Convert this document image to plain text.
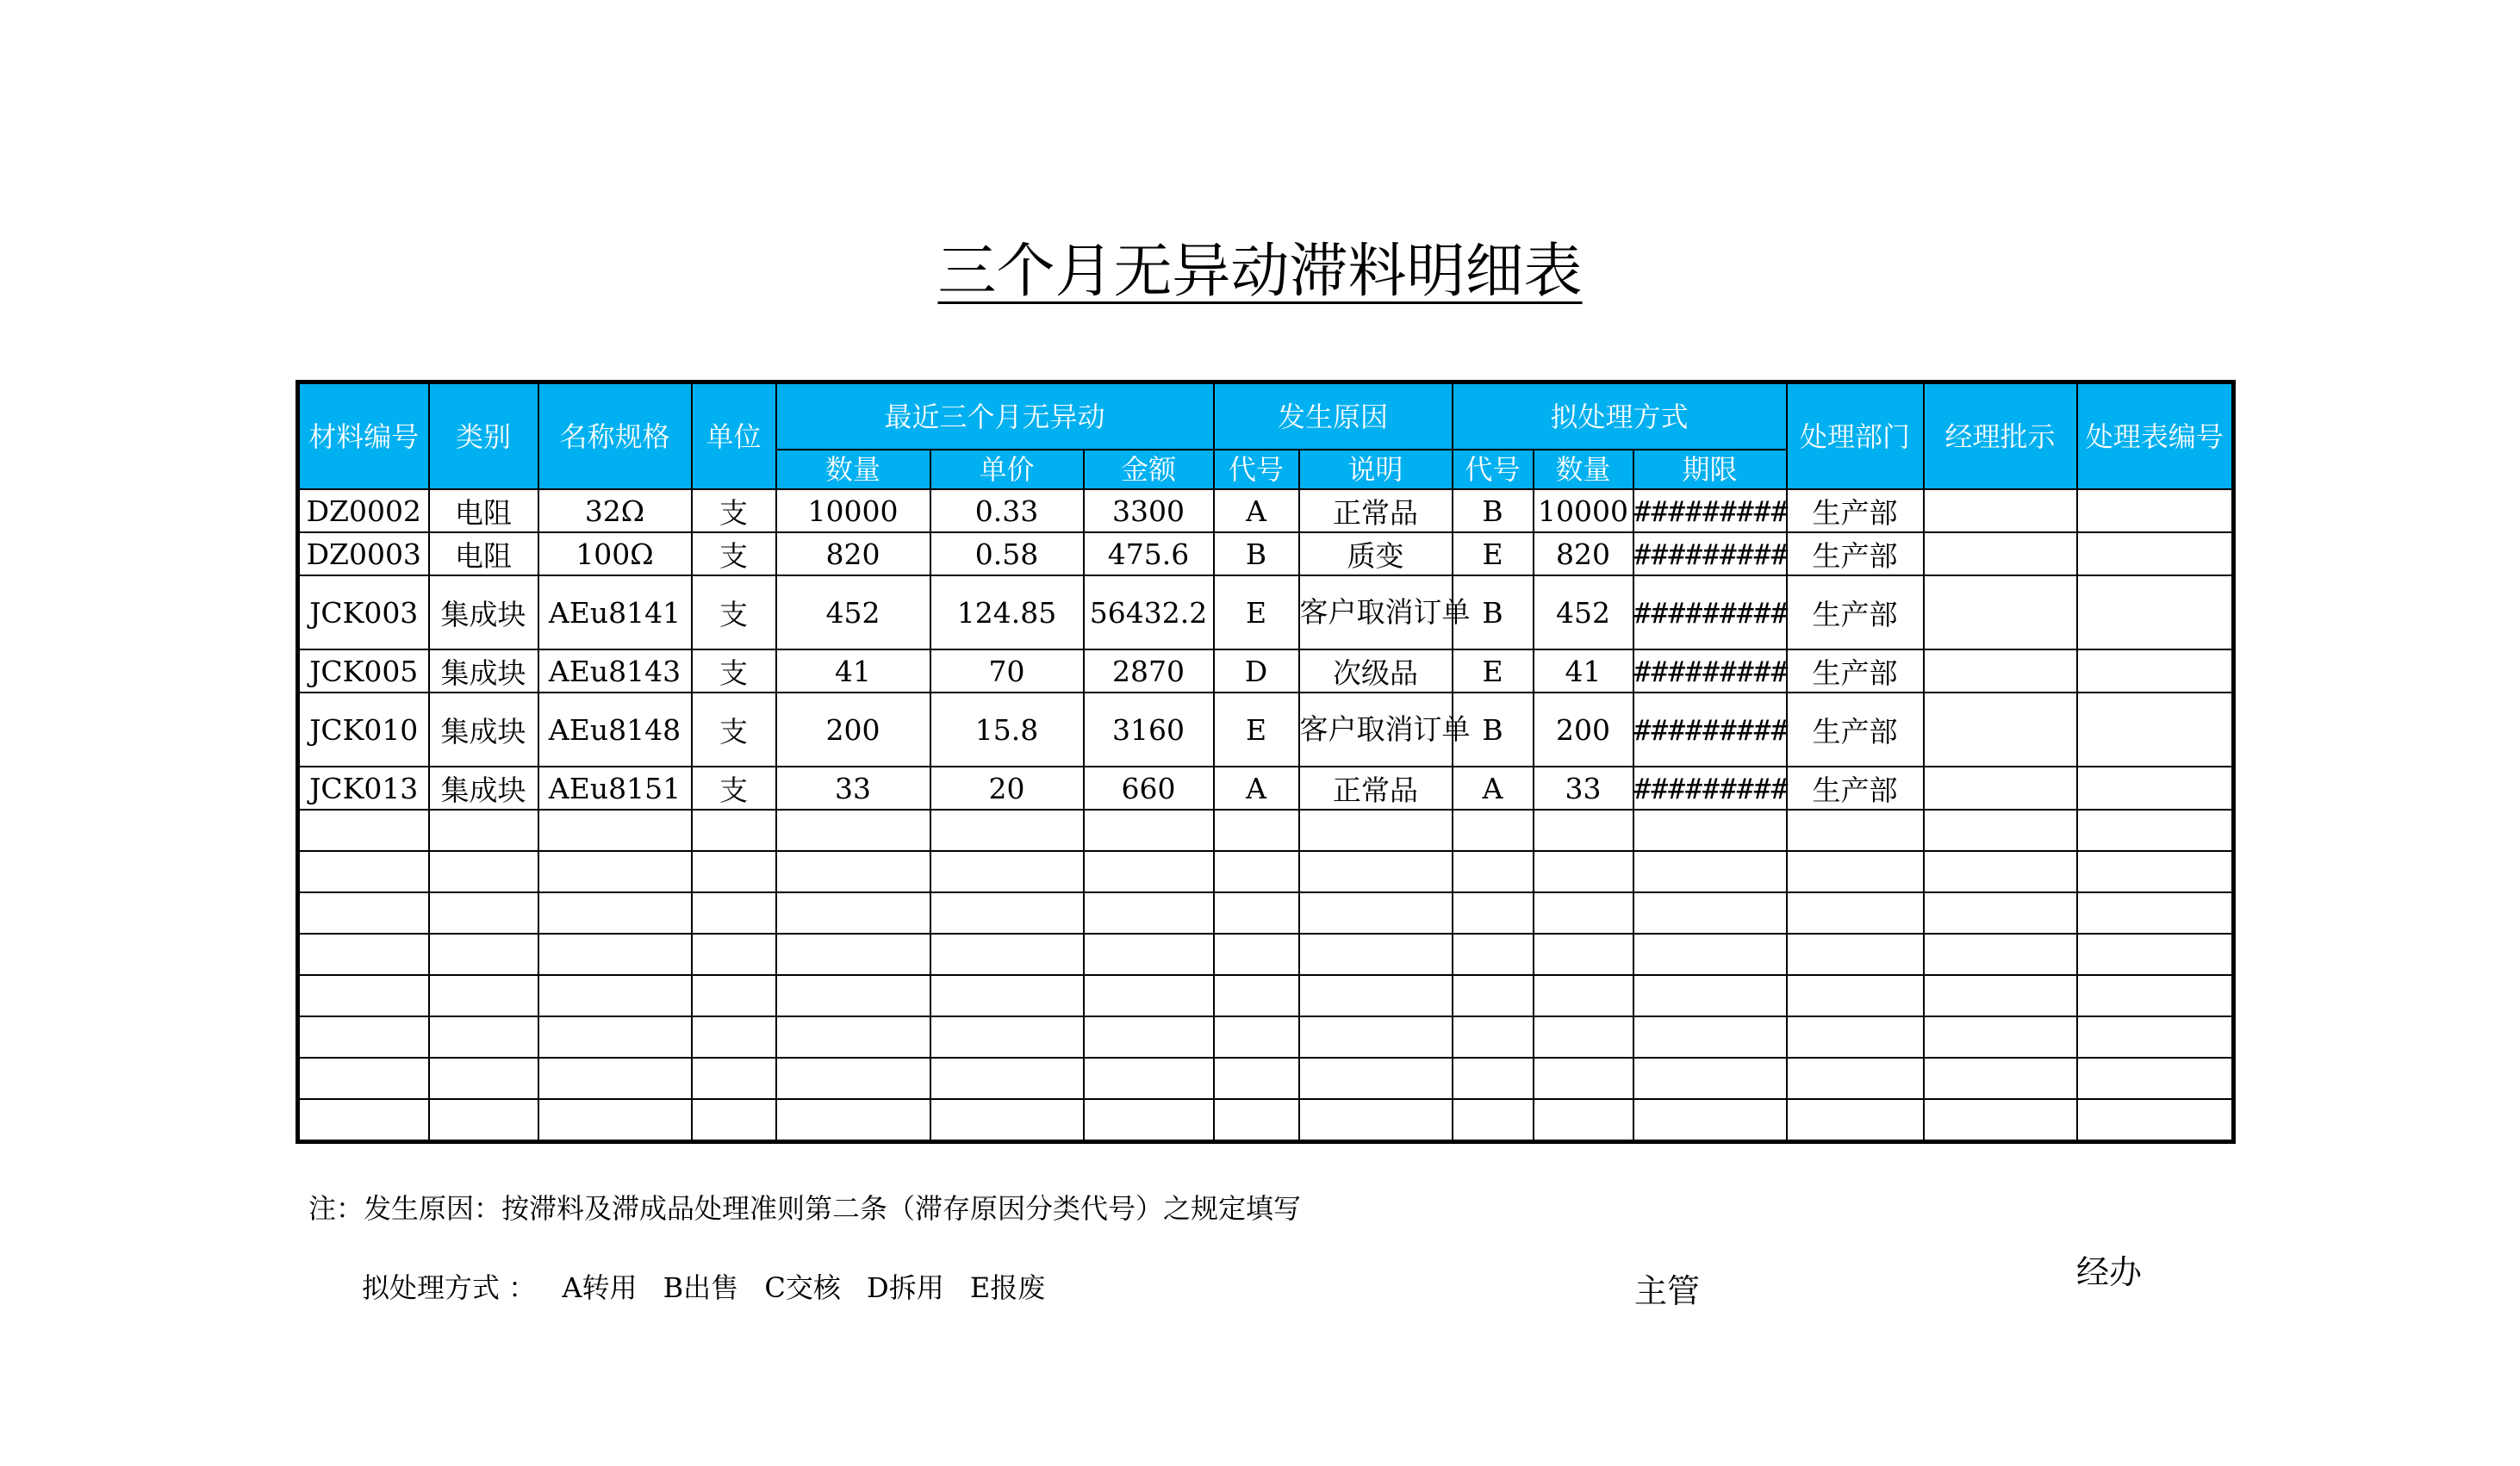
三个月无异动滞料明细表
材料编号	类别	名称规格	单位	最近三个月无异动			发生原因		拟处理方式			处理部门	经理批示	处理表编号
				数量	单价	金额	代号	说明	代号	数量	期限			
DZ0002	电阻	32Ω	支	10000	0.33	3300	A	正常品	B	10000	#########	生产部		
DZ0003	电阻	100Ω	支	820	0.58	475.6	B	质变	E	820	#########	生产部		
JCK003	集成块	AEu8141	支	452	124.85	56432.2	E	客户取消订单	B	452	#########	生产部		
JCK005	集成块	AEu8143	支	41	70	2870	D	次级品	E	41	#########	生产部		
JCK010	集成块	AEu8148	支	200	15.8	3160	E	客户取消订单	B	200	#########	生产部		
JCK013	集成块	AEu8151	支	33	20	660	A	正常品	A	33	#########	生产部		

注：发生原因：按滞料及滞成品处理准则第二条（滞存原因分类代号）之规定填写
拟处理方式 ： A转用 B出售 C交核 D拆用 E报废	主管	经办
